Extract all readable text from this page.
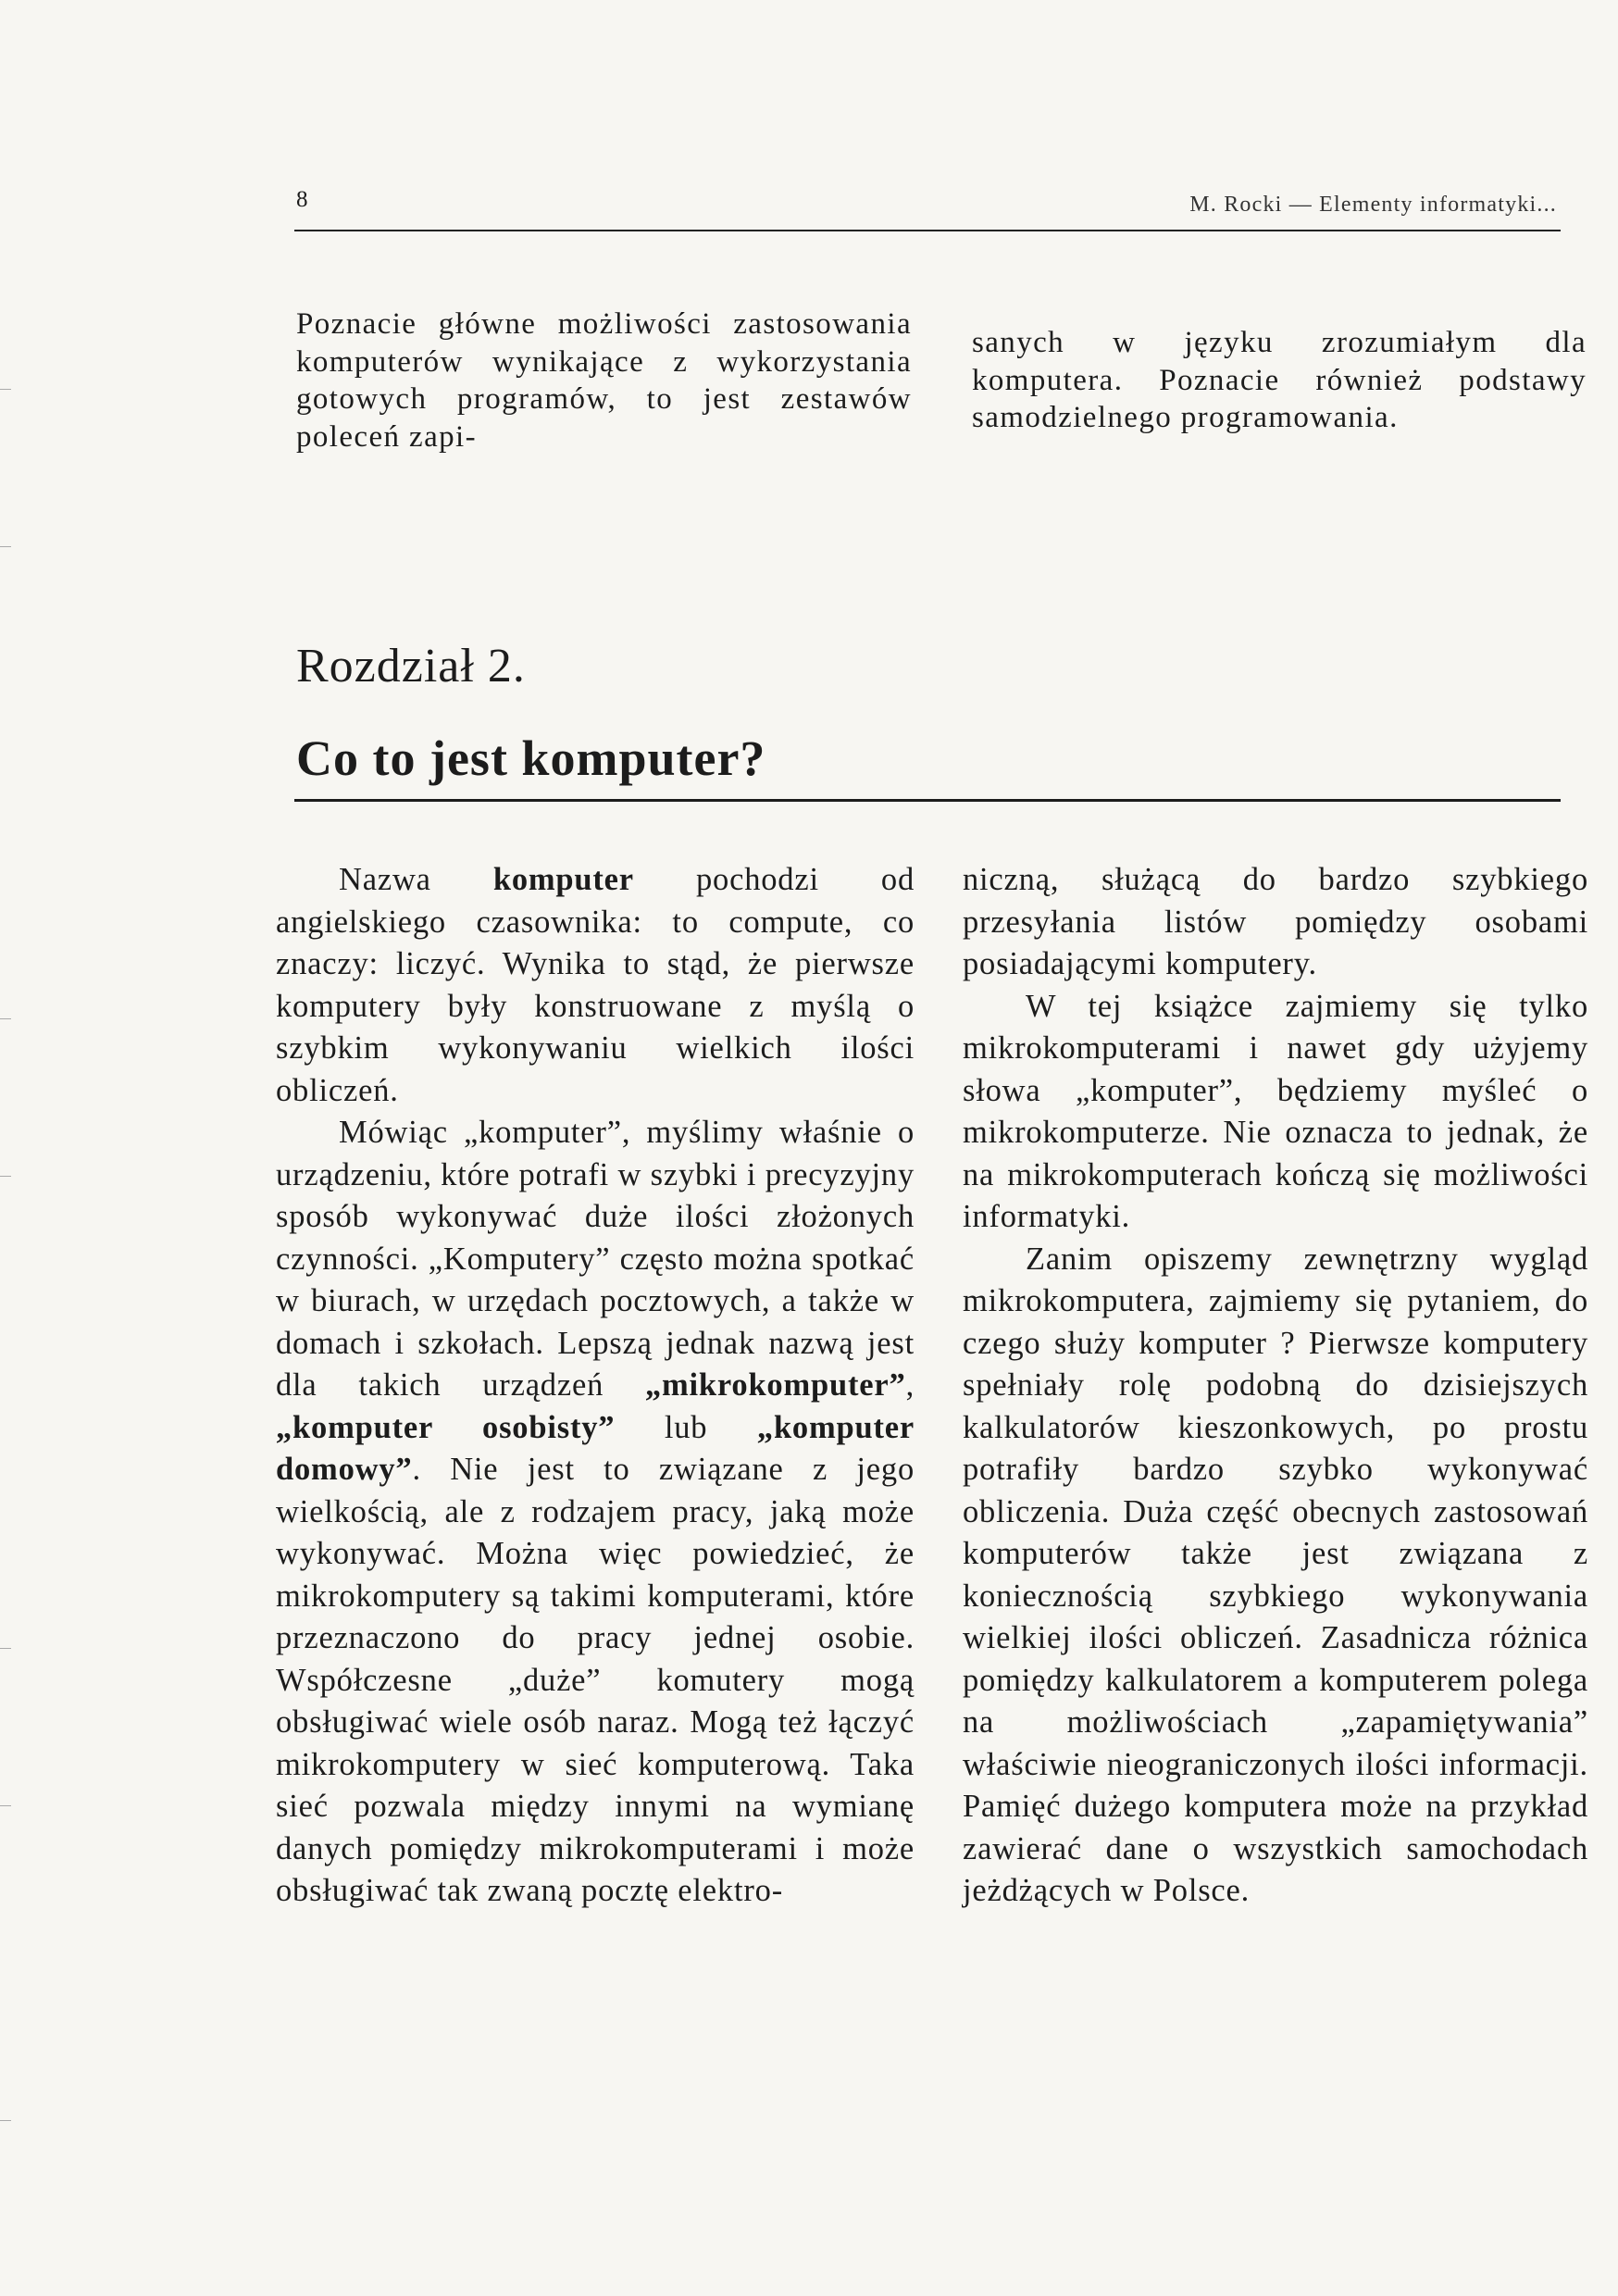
8	M. Rocki — Elementy informatyki...

Poznacie główne możliwości zastosowania komputerów wynikające z wykorzystania gotowych programów, to jest zestawów poleceń zapi-

sanych w języku zrozumiałym dla komputera. Poznacie również podstawy samodzielnego programowania.

Rozdział 2.
Co to jest komputer?

Nazwa komputer pochodzi od angielskiego czasownika: to compute, co znaczy: liczyć. Wynika to stąd, że pierwsze komputery były konstruowane z myślą o szybkim wykonywaniu wielkich ilości obliczeń.

Mówiąc „komputer”, myślimy właśnie o urządzeniu, które potrafi w szybki i precyzyjny sposób wykonywać duże ilości złożonych czynności. „Komputery” często można spotkać w biurach, w urzędach pocztowych, a także w domach i szkołach. Lepszą jednak nazwą jest dla takich urządzeń „mikrokomputer”, „komputer osobisty” lub „komputer domowy”. Nie jest to związane z jego wielkością, ale z rodzajem pracy, jaką może wykonywać. Można więc powiedzieć, że mikrokomputery są takimi komputerami, które przeznaczono do pracy jednej osobie. Współczesne „duże” komutery mogą obsługiwać wiele osób naraz. Mogą też łączyć mikrokomputery w sieć komputerową. Taka sieć pozwala między innymi na wymianę danych pomiędzy mikrokomputerami i może obsługiwać tak zwaną pocztę elektro-

niczną, służącą do bardzo szybkiego przesyłania listów pomiędzy osobami posiadającymi komputery.

W tej książce zajmiemy się tylko mikrokomputerami i nawet gdy użyjemy słowa „komputer”, będziemy myśleć o mikrokomputerze. Nie oznacza to jednak, że na mikrokomputerach kończą się możliwości informatyki.

Zanim opiszemy zewnętrzny wygląd mikrokomputera, zajmiemy się pytaniem, do czego służy komputer ? Pierwsze komputery spełniały rolę podobną do dzisiejszych kalkulatorów kieszonkowych, po prostu potrafiły bardzo szybko wykonywać obliczenia. Duża część obecnych zastosowań komputerów także jest związana z koniecznością szybkiego wykonywania wielkiej ilości obliczeń. Zasadnicza różnica pomiędzy kalkulatorem a komputerem polega na możliwościach „zapamiętywania” właściwie nieograniczonych ilości informacji. Pamięć dużego komputera może na przykład zawierać dane o wszystkich samochodach jeżdżących w Polsce.
